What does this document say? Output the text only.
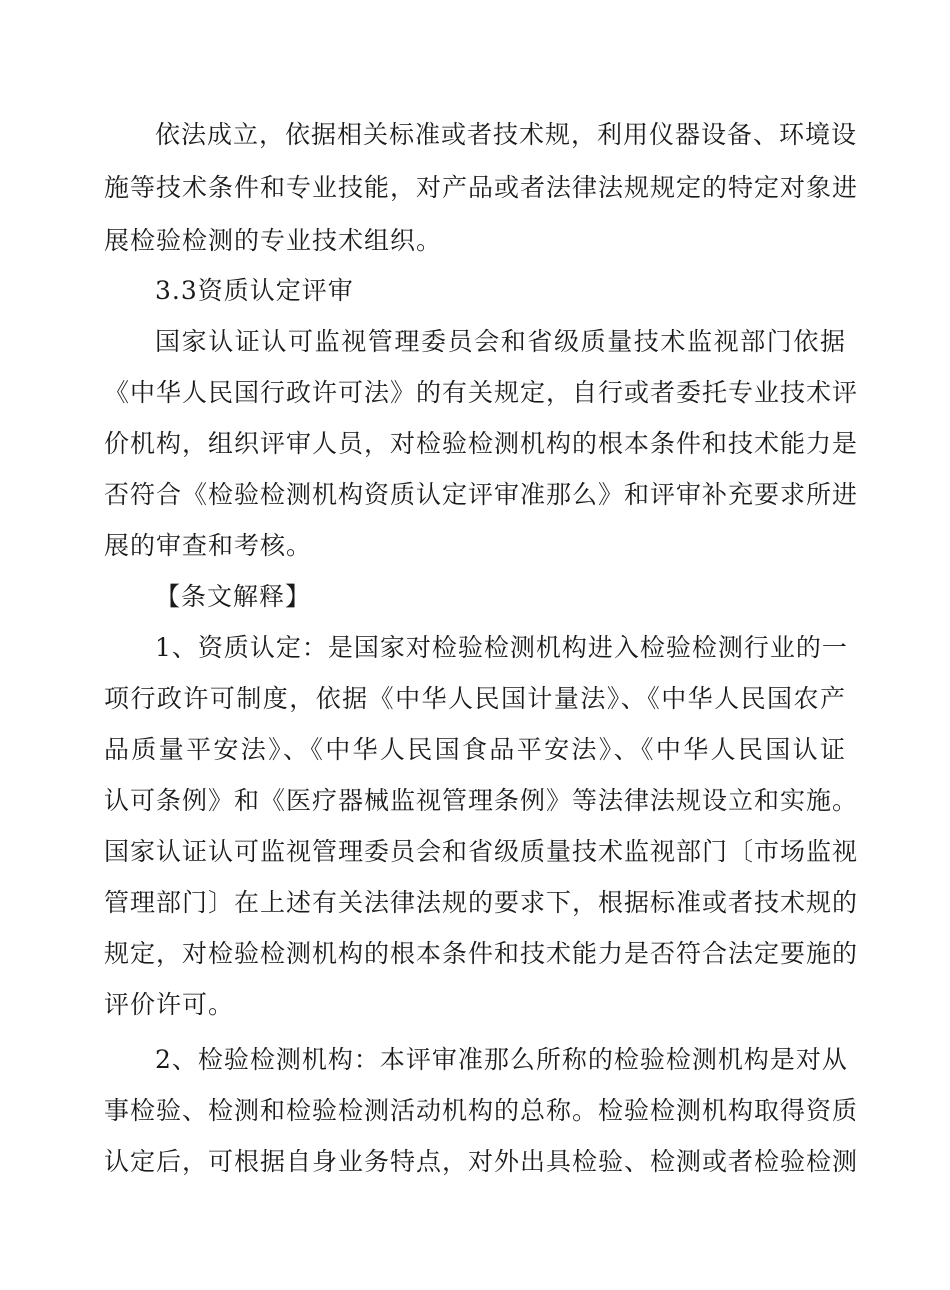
依法成立，依据相关标准或者技术规，利用仪器设备、环境设
施等技术条件和专业技能，对产品或者法律法规规定的特定对象进
展检验检测的专业技术组织。
3.3资质认定评审
国家认证认可监视管理委员会和省级质量技术监视部门依据
《中华人民国行政许可法》的有关规定，自行或者委托专业技术评
价机构，组织评审人员，对检验检测机构的根本条件和技术能力是
否符合《检验检测机构资质认定评审准那么》和评审补充要求所进
展的审查和考核。
【条文解释】
1、资质认定：是国家对检验检测机构进入检验检测行业的一
项行政许可制度，依据《中华人民国计量法》、《中华人民国农产
品质量平安法》、《中华人民国食品平安法》、《中华人民国认证
认可条例》和《医疗器械监视管理条例》等法律法规设立和实施。
国家认证认可监视管理委员会和省级质量技术监视部门〔市场监视
管理部门〕在上述有关法律法规的要求下，根据标准或者技术规的
规定，对检验检测机构的根本条件和技术能力是否符合法定要施的
评价许可。
2、检验检测机构：本评审准那么所称的检验检测机构是对从
事检验、检测和检验检测活动机构的总称。检验检测机构取得资质
认定后，可根据自身业务特点，对外出具检验、检测或者检验检测
